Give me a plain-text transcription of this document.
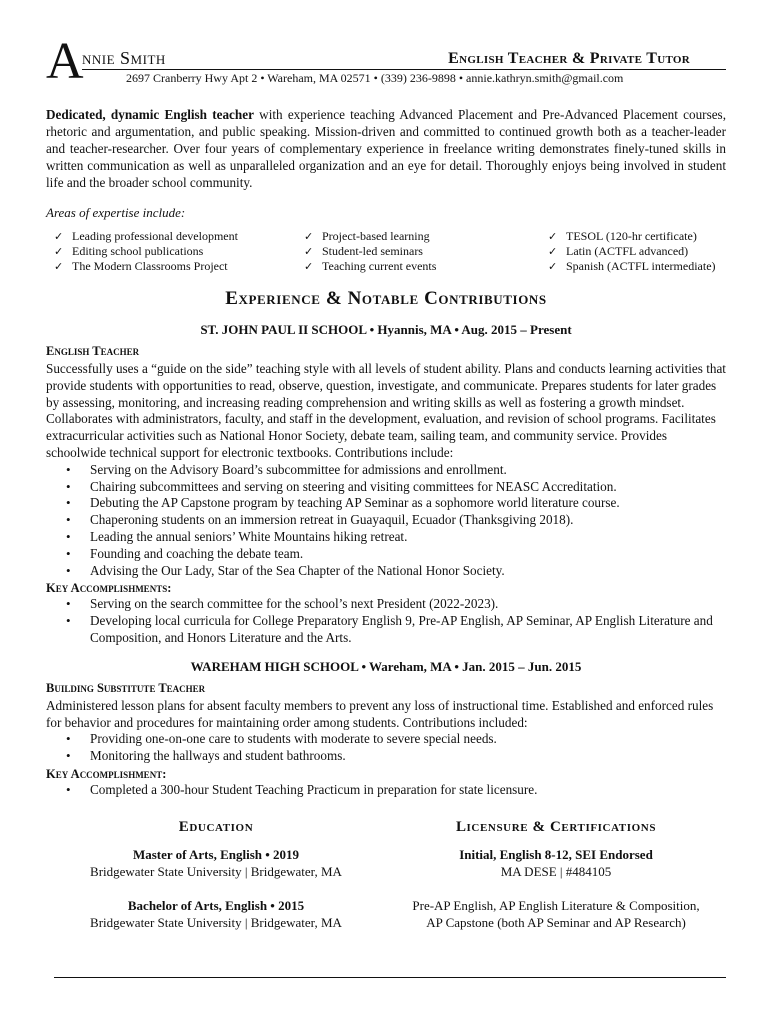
A
nnie Smith	English Teacher & Private Tutor
2697 Cranberry Hwy Apt 2 • Wareham, MA 02571 • (339) 236-9898 • annie.kathryn.smith@gmail.com
Dedicated, dynamic English teacher with experience teaching Advanced Placement and Pre-Advanced Placement courses, rhetoric and argumentation, and public speaking. Mission-driven and committed to continued growth both as a teacher-leader and teacher-researcher. Over four years of complementary experience in freelance writing demonstrates finely-tuned skills in written communication as well as unparalleled organization and an eye for detail. Thoroughly enjoys being involved in student life and the broader school community.
Areas of expertise include:
✓ Leading professional development
✓ Editing school publications
✓ The Modern Classrooms Project
✓ Project-based learning
✓ Student-led seminars
✓ Teaching current events
✓ TESOL (120-hr certificate)
✓ Latin (ACTFL advanced)
✓ Spanish (ACTFL intermediate)
Experience & Notable Contributions
ST. JOHN PAUL II SCHOOL • Hyannis, MA • Aug. 2015 – Present
English Teacher
Successfully uses a “guide on the side” teaching style with all levels of student ability. Plans and conducts learning activities that provide students with opportunities to read, observe, question, investigate, and communicate. Prepares students for later grades by assessing, monitoring, and increasing reading comprehension and writing skills as well as fostering a growth mindset. Collaborates with administrators, faculty, and staff in the development, evaluation, and revision of school programs. Facilitates extracurricular activities such as National Honor Society, debate team, sailing team, and community service. Provides schoolwide technical support for electronic textbooks. Contributions include:
• Serving on the Advisory Board’s subcommittee for admissions and enrollment.
• Chairing subcommittees and serving on steering and visiting committees for NEASC Accreditation.
• Debuting the AP Capstone program by teaching AP Seminar as a sophomore world literature course.
• Chaperoning students on an immersion retreat in Guayaquil, Ecuador (Thanksgiving 2018).
• Leading the annual seniors’ White Mountains hiking retreat.
• Founding and coaching the debate team.
• Advising the Our Lady, Star of the Sea Chapter of the National Honor Society.
Key Accomplishments:
• Serving on the search committee for the school’s next President (2022-2023).
• Developing local curricula for College Preparatory English 9, Pre-AP English, AP Seminar, AP English Literature and Composition, and Honors Literature and the Arts.
WAREHAM HIGH SCHOOL • Wareham, MA • Jan. 2015 – Jun. 2015
Building Substitute Teacher
Administered lesson plans for absent faculty members to prevent any loss of instructional time. Established and enforced rules for behavior and procedures for maintaining order among students. Contributions included:
• Providing one-on-one care to students with moderate to severe special needs.
• Monitoring the hallways and student bathrooms.
Key Accomplishment:
• Completed a 300-hour Student Teaching Practicum in preparation for state licensure.
Education
Master of Arts, English • 2019
Bridgewater State University | Bridgewater, MA
Bachelor of Arts, English • 2015
Bridgewater State University | Bridgewater, MA
Licensure & Certifications
Initial, English 8-12, SEI Endorsed
MA DESE | #484105
Pre-AP English, AP English Literature & Composition,
AP Capstone (both AP Seminar and AP Research)
